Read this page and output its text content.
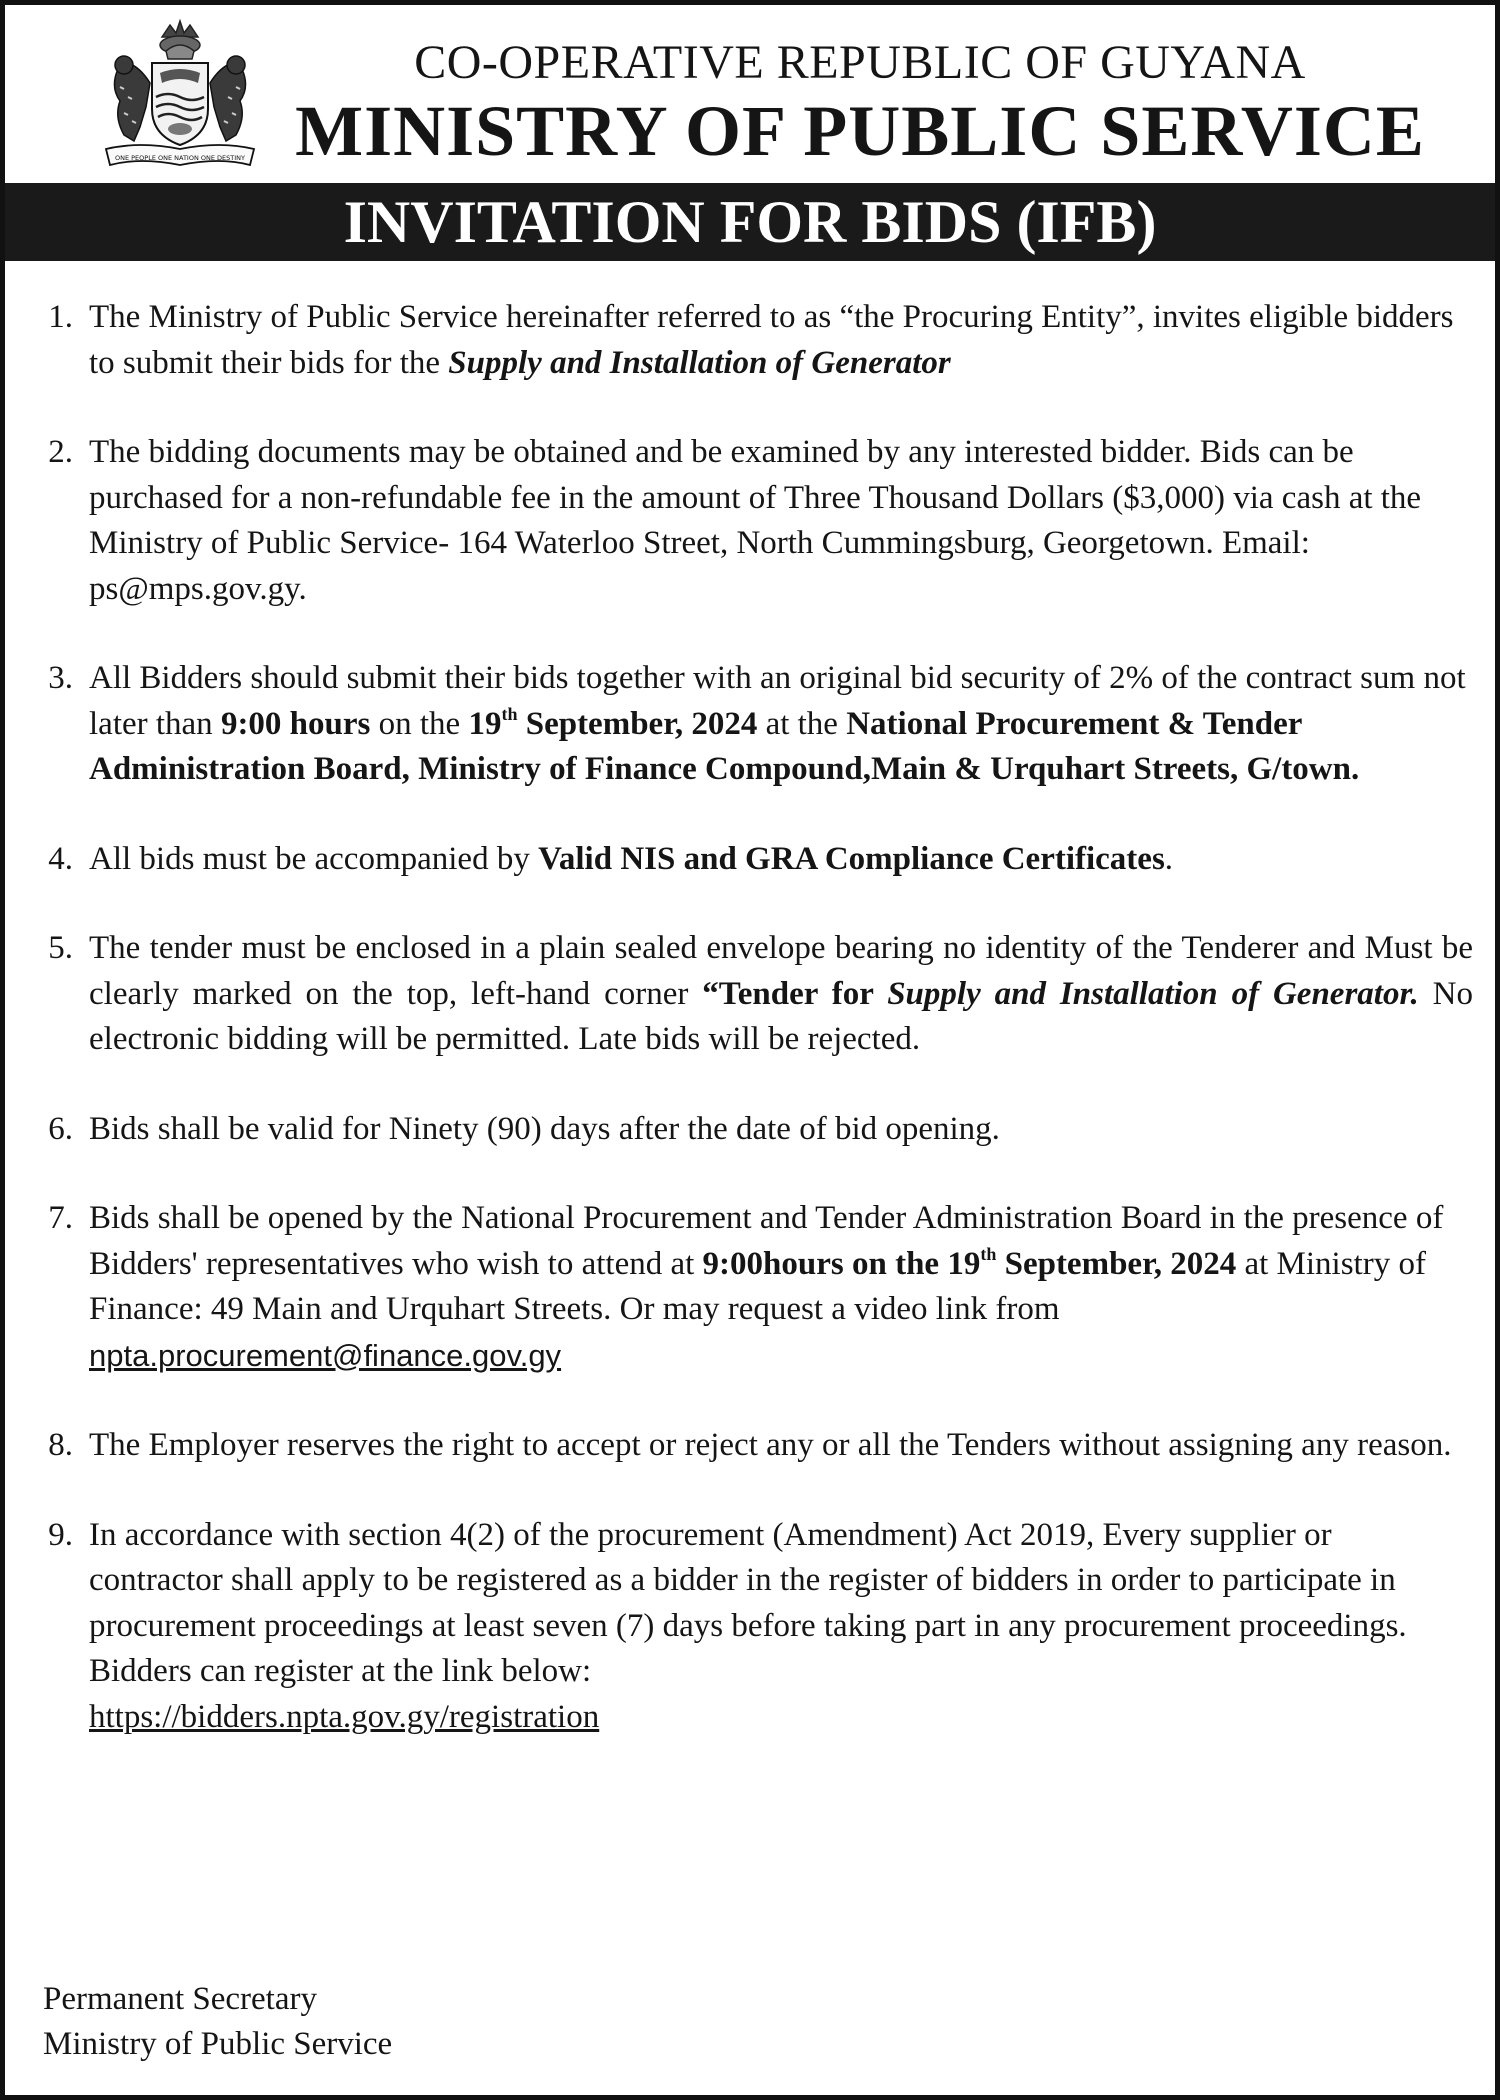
ONE PEOPLE ONE NATION ONE DESTINY
CO-OPERATIVE REPUBLIC OF GUYANA
MINISTRY OF PUBLIC SERVICE
INVITATION FOR BIDS (IFB)
1. The Ministry of Public Service hereinafter referred to as “the Procuring Entity”, invites eligible bidders to submit their bids for the Supply and Installation of Generator
2. The bidding documents may be obtained and be examined by any interested bidder. Bids can be purchased for a non-refundable fee in the amount of Three Thousand Dollars ($3,000) via cash at the Ministry of Public Service- 164 Waterloo Street, North Cummingsburg, Georgetown. Email: ps@mps.gov.gy.
3. All Bidders should submit their bids together with an original bid security of 2% of the contract sum not later than 9:00 hours on the 19th September, 2024 at the National Procurement & Tender Administration Board, Ministry of Finance Compound,Main & Urquhart Streets, G/town.
4. All bids must be accompanied by Valid NIS and GRA Compliance Certificates.
5. The tender must be enclosed in a plain sealed envelope bearing no identity of the Tenderer and Must be clearly marked on the top, left-hand corner “Tender for Supply and Installation of Generator. No electronic bidding will be permitted. Late bids will be rejected.
6. Bids shall be valid for Ninety (90) days after the date of bid opening.
7. Bids shall be opened by the National Procurement and Tender Administration Board in the presence of Bidders' representatives who wish to attend at 9:00hours on the 19th September, 2024 at Ministry of Finance: 49 Main and Urquhart Streets. Or may request a video link from npta.procurement@finance.gov.gy
8. The Employer reserves the right to accept or reject any or all the Tenders without assigning any reason.
9. In accordance with section 4(2) of the procurement (Amendment) Act 2019, Every supplier or contractor shall apply to be registered as a bidder in the register of bidders in order to participate in procurement proceedings at least seven (7) days before taking part in any procurement proceedings. Bidders can register at the link below:
https://bidders.npta.gov.gy/registration
Permanent Secretary
Ministry of Public Service
